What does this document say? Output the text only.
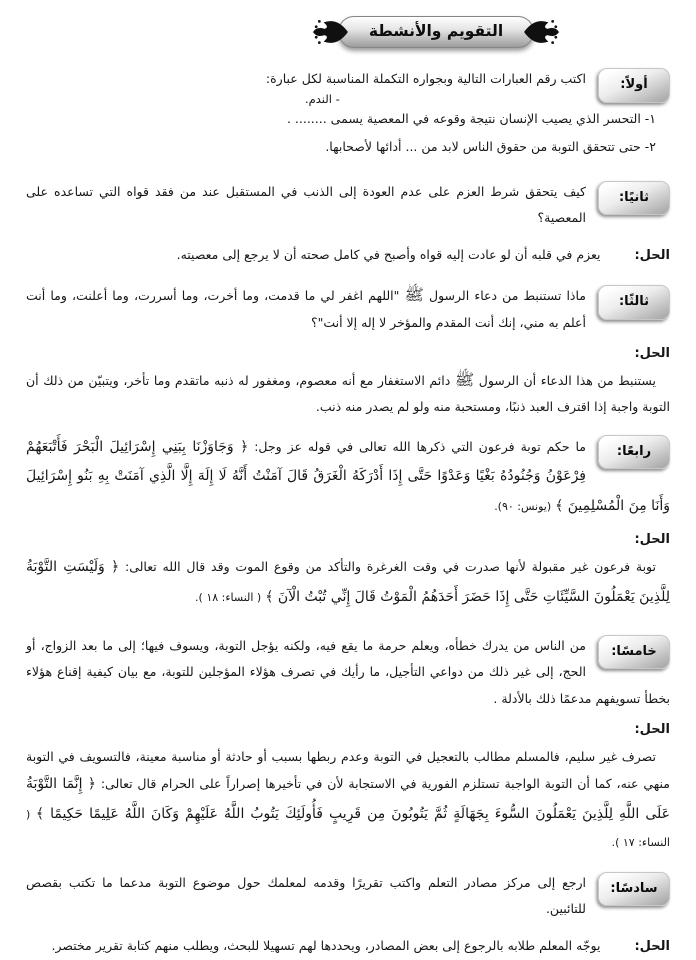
التقويم والأنشطة
أولاً:

اكتب رقم العبارات التالية وبجواره التكملة المناسبة لكل عبارة:

- الندم.
١- التحسر الذي يصيب الإنسان نتيجة وقوعه في المعصية يسمى ........ .
٢- حتى تتحقق التوبة من حقوق الناس لابد من ... أدائها لأصحابها.
ثانيًا:

كيف يتحقق شرط العزم على عدم العودة إلى الذنب في المستقبل عند من فقد قواه التي تساعده على المعصية؟

الحل:
يعزم في قلبه أن لو عادت إليه قواه وأصبح في كامل صحته أن لا يرجع إلى معصيته.
ثالثًا:

ماذا تستنبط من دعاء الرسول ﷺ "اللهم اغفر لي ما قدمت، وما أخرت، وما أسررت، وما أعلنت، وما أنت أعلم به مني، إنك أنت المقدم والمؤخر لا إله إلا أنت"؟

الحل:

يستنبط من هذا الدعاء أن الرسول ﷺ دائم الاستغفار مع أنه معصوم، ومغفور له ذنبه ماتقدم وما تأخر، ويتبيّن من ذلك أن التوبة واجبة إذا اقترف العبد ذنبًا، ومستحبة منه ولو لم يصدر منه ذنب.

رابعًا:

ما حكم توبة فرعون التي ذكرها الله تعالى في قوله عز وجل: ﴿ وَجَاوَزْنَا بِبَنِي إِسْرَائِيلَ الْبَحْرَ فَأَتْبَعَهُمْ فِرْعَوْنُ وَجُنُودُهُ بَغْيًا وَعَدْوًا حَتَّى إِذَا أَدْرَكَهُ الْغَرَقُ قَالَ آمَنْتُ أَنَّهُ لَا إِلَهَ إِلَّا الَّذِي آمَنَتْ بِهِ بَنُو إِسْرَائِيلَ وَأَنَا مِنَ الْمُسْلِمِينَ ﴾ (يونس: ٩٠).

الحل:

توبة فرعون غير مقبولة لأنها صدرت في وقت الغرغرة والتأكد من وقوع الموت وقد قال الله تعالى: ﴿ وَلَيْسَتِ التَّوْبَةُ لِلَّذِينَ يَعْمَلُونَ السَّيِّئَاتِ حَتَّى إِذَا حَضَرَ أَحَدَهُمُ الْمَوْتُ قَالَ إِنِّي تُبْتُ الْآنَ ﴾ ( النساء: ١٨ ).

خامسًا:

من الناس من يدرك خطأه، ويعلم حرمة ما يقع فيه، ولكنه يؤجل التوبة، ويسوف فيها؛ إلى ما بعد الزواج، أو الحج، إلى غير ذلك من دواعي التأجيل، ما رأيك في تصرف هؤلاء المؤجلين للتوبة، مع بيان كيفية إقناع هؤلاء بخطأ تسويفهم مدعمًا ذلك بالأدلة .

الحل:

تصرف غير سليم، فالمسلم مطالب بالتعجيل في التوبة وعدم ربطها بسبب أو حادثة أو مناسبة معينة، فالتسويف في التوبة منهي عنه، كما أن التوبة الواجبة تستلزم الفورية في الاستجابة لأن في تأخيرها إصراراً على الحرام قال تعالى: ﴿ إِنَّمَا التَّوْبَةُ عَلَى اللَّهِ لِلَّذِينَ يَعْمَلُونَ السُّوءَ بِجَهَالَةٍ ثُمَّ يَتُوبُونَ مِن قَرِيبٍ فَأُولَئِكَ يَتُوبُ اللَّهُ عَلَيْهِمْ وَكَانَ اللَّهُ عَلِيمًا حَكِيمًا ﴾ ( النساء: ١٧ ).

سادسًا:

ارجع إلى مركز مصادر التعلم واكتب تقريرًا وقدمه لمعلمك حول موضوع التوبة مدعما ما تكتب بقصص للتائبين.

الحل:
يوجّه المعلم طلابه بالرجوع إلى بعض المصادر، ويحددها لهم تسهيلا للبحث، ويطلب منهم كتابة تقرير مختصر.
